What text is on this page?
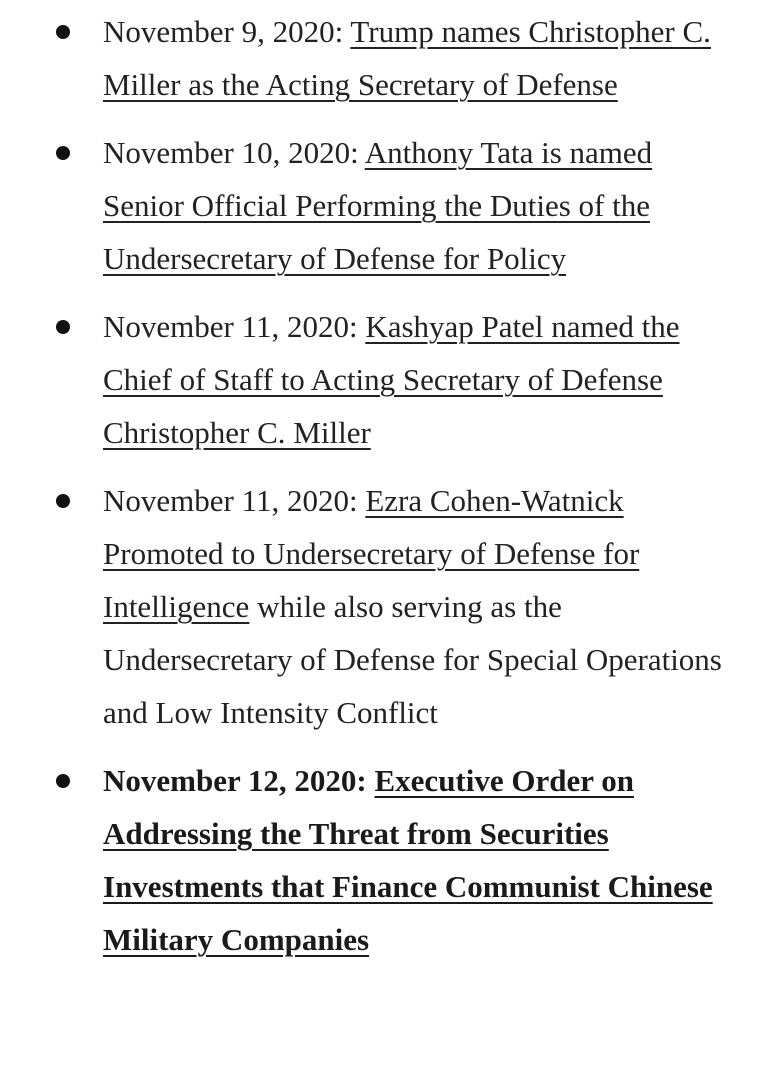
November 9, 2020: Trump names Christopher C. Miller as the Acting Secretary of Defense
November 10, 2020: Anthony Tata is named Senior Official Performing the Duties of the Undersecretary of Defense for Policy
November 11, 2020: Kashyap Patel named the Chief of Staff to Acting Secretary of Defense Christopher C. Miller
November 11, 2020: Ezra Cohen-Watnick Promoted to Undersecretary of Defense for Intelligence while also serving as the Undersecretary of Defense for Special Operations and Low Intensity Conflict
November 12, 2020: Executive Order on Addressing the Threat from Securities Investments that Finance Communist Chinese Military Companies
